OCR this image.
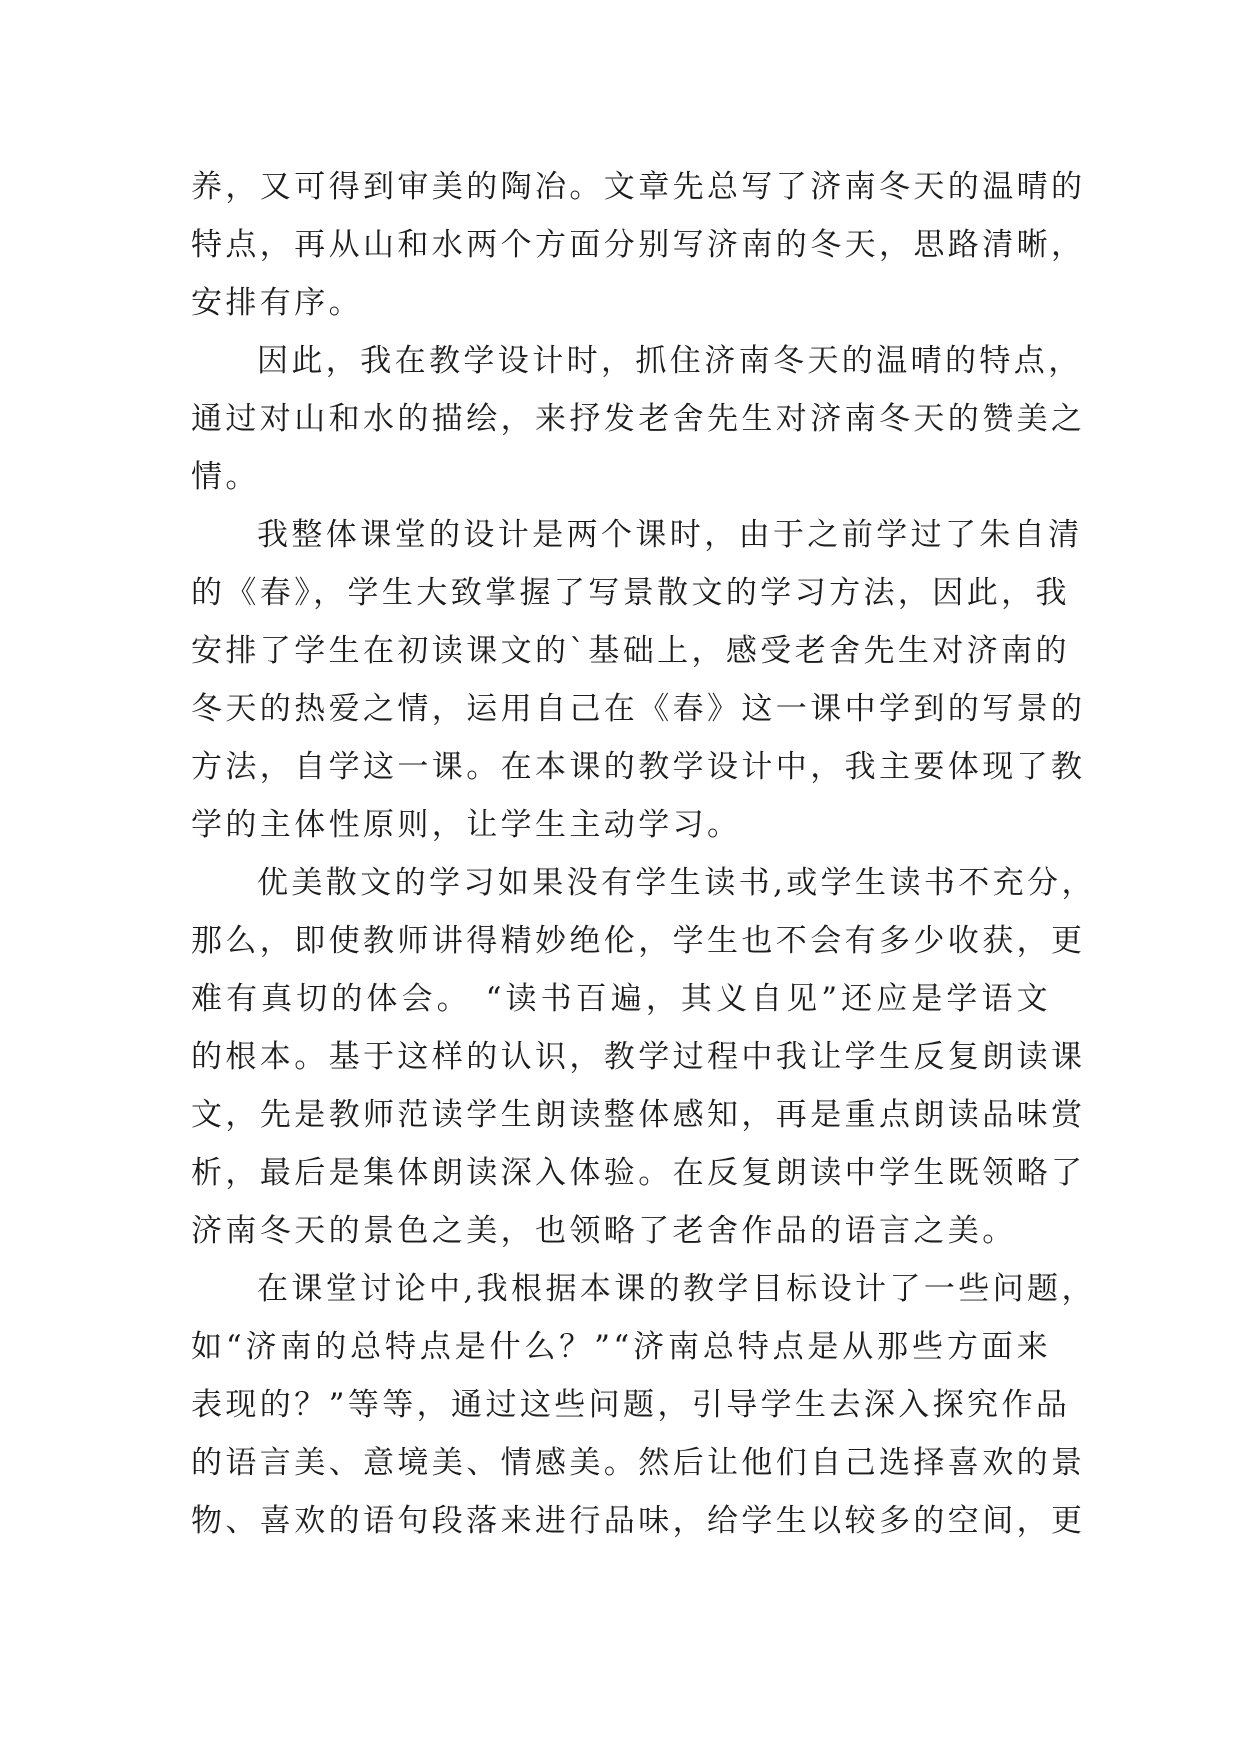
养，又可得到审美的陶冶。文章先总写了济南冬天的温晴的
特点，再从山和水两个方面分别写济南的冬天，思路清晰，
安排有序。
因此，我在教学设计时，抓住济南冬天的温晴的特点，
通过对山和水的描绘，来抒发老舍先生对济南冬天的赞美之
情。
我整体课堂的设计是两个课时，由于之前学过了朱自清
的《春》，学生大致掌握了写景散文的学习方法，因此，我
安排了学生在初读课文的`基础上，感受老舍先生对济南的
冬天的热爱之情，运用自己在《春》这一课中学到的写景的
方法，自学这一课。在本课的教学设计中，我主要体现了教
学的主体性原则，让学生主动学习。
优美散文的学习如果没有学生读书,或学生读书不充分，
那么，即使教师讲得精妙绝伦，学生也不会有多少收获，更
难有真切的体会。 “读书百遍，其义自见”还应是学语文
的根本。基于这样的认识，教学过程中我让学生反复朗读课
文，先是教师范读学生朗读整体感知，再是重点朗读品味赏
析，最后是集体朗读深入体验。在反复朗读中学生既领略了
济南冬天的景色之美，也领略了老舍作品的语言之美。
在课堂讨论中,我根据本课的教学目标设计了一些问题，
如“济南的总特点是什么？”“济南总特点是从那些方面来
表现的？”等等，通过这些问题，引导学生去深入探究作品
的语言美、意境美、情感美。然后让他们自己选择喜欢的景
物、喜欢的语句段落来进行品味，给学生以较多的空间，更
